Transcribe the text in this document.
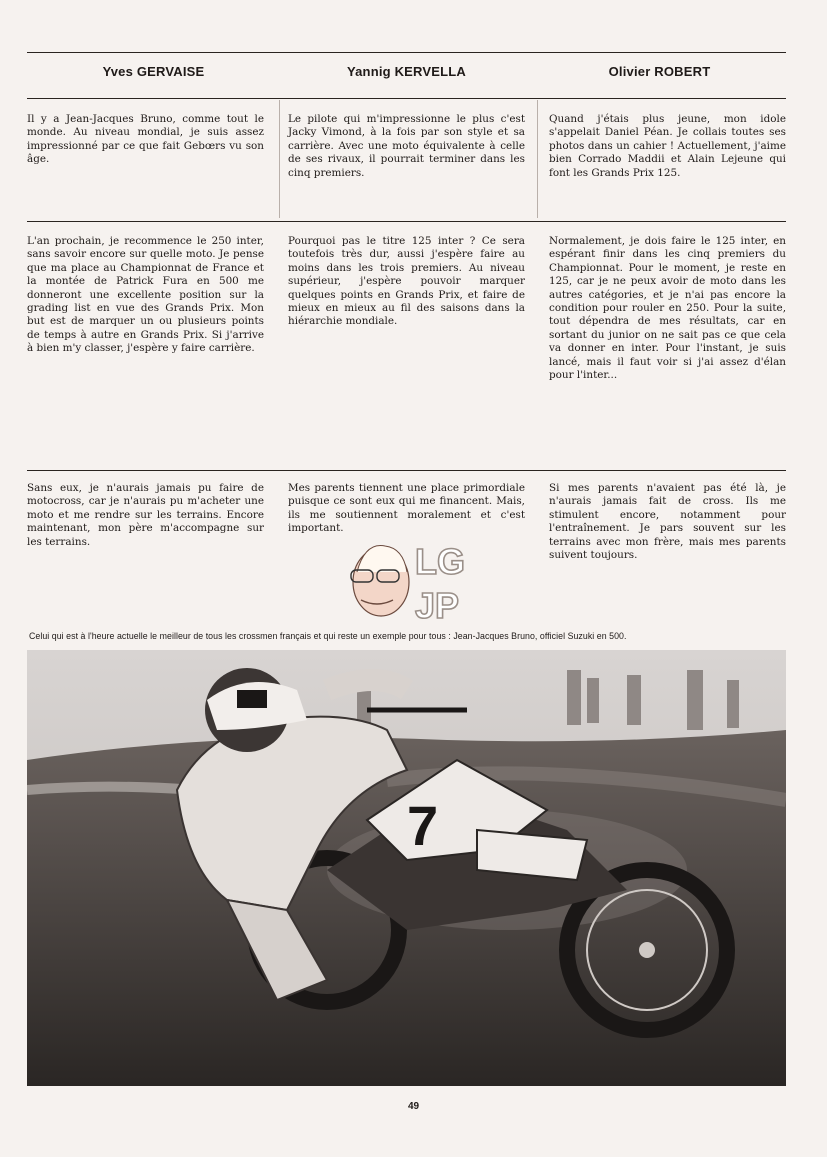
Yves GERVAISE	Yannig KERVELLA	Olivier ROBERT
Il y a Jean-Jacques Bruno, comme tout le monde. Au niveau mondial, je suis assez impressionné par ce que fait Gebœrs vu son âge.
Le pilote qui m'impressionne le plus c'est Jacky Vimond, à la fois par son style et sa carrière. Avec une moto équivalente à celle de ses rivaux, il pourrait terminer dans les cinq premiers.
Quand j'étais plus jeune, mon idole s'appelait Daniel Péan. Je collais toutes ses photos dans un cahier ! Actuellement, j'aime bien Corrado Maddii et Alain Lejeune qui font les Grands Prix 125.
L'an prochain, je recommence le 250 inter, sans savoir encore sur quelle moto. Je pense que ma place au Championnat de France et la montée de Patrick Fura en 500 me donneront une excellente position sur la grading list en vue des Grands Prix. Mon but est de marquer un ou plusieurs points de temps à autre en Grands Prix. Si j'arrive à bien m'y classer, j'espère y faire carrière.
Pourquoi pas le titre 125 inter ? Ce sera toutefois très dur, aussi j'espère faire au moins dans les trois premiers. Au niveau supérieur, j'espère pouvoir marquer quelques points en Grands Prix, et faire de mieux en mieux au fil des saisons dans la hiérarchie mondiale.
Normalement, je dois faire le 125 inter, en espérant finir dans les cinq premiers du Championnat. Pour le moment, je reste en 125, car je ne peux avoir de moto dans les autres catégories, et je n'ai pas encore la condition pour rouler en 250. Pour la suite, tout dépendra de mes résultats, car en sortant du junior on ne sait pas ce que cela va donner en inter. Pour l'instant, je suis lancé, mais il faut voir si j'ai assez d'élan pour l'inter...
Sans eux, je n'aurais jamais pu faire de motocross, car je n'aurais pu m'acheter une moto et me rendre sur les terrains. Encore maintenant, mon père m'accompagne sur les terrains.
Mes parents tiennent une place primordiale puisque ce sont eux qui me financent. Mais, ils me soutiennent moralement et c'est important.
Si mes parents n'avaient pas été là, je n'aurais jamais fait de cross. Ils me stimulent encore, notamment pour l'entraînement. Je pars souvent sur les terrains avec mon frère, mais mes parents suivent toujours.
LG
JP
Celui qui est à l'heure actuelle le meilleur de tous les crossmen français et qui reste un exemple pour tous : Jean-Jacques Bruno, officiel Suzuki en 500.
7
49
